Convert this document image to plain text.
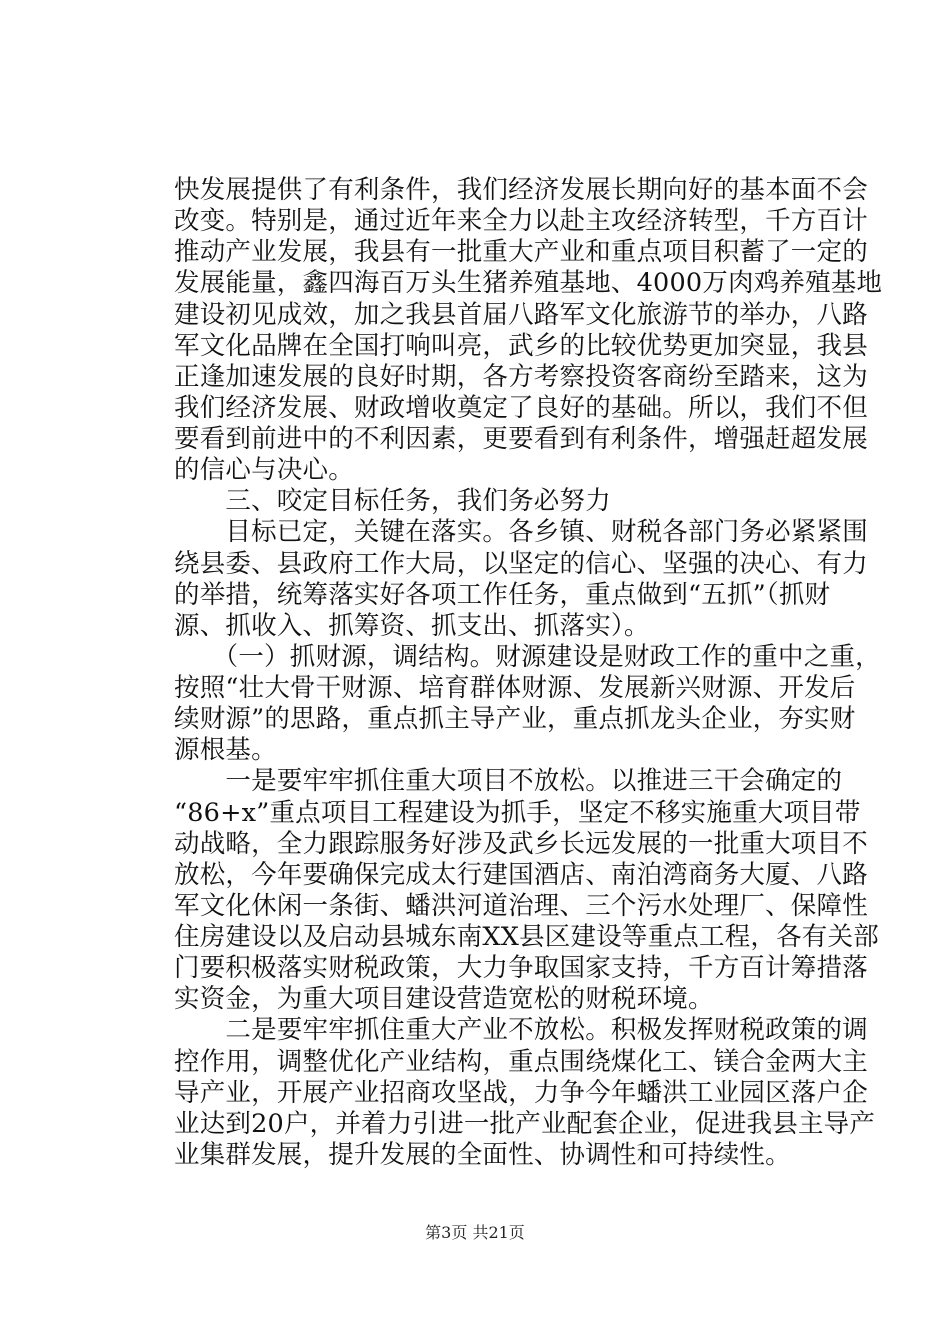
快发展提供了有利条件，我们经济发展长期向好的基本面不会
改变。特别是，通过近年来全力以赴主攻经济转型，千方百计
推动产业发展，我县有一批重大产业和重点项目积蓄了一定的
发展能量，鑫四海百万头生猪养殖基地、4000万肉鸡养殖基地
建设初见成效，加之我县首届八路军文化旅游节的举办，八路
军文化品牌在全国打响叫亮，武乡的比较优势更加突显，我县
正逢加速发展的良好时期，各方考察投资客商纷至踏来，这为
我们经济发展、财政增收奠定了良好的基础。所以，我们不但
要看到前进中的不利因素，更要看到有利条件，增强赶超发展
的信心与决心。
　　三、咬定目标任务，我们务必努力
　　目标已定，关键在落实。各乡镇、财税各部门务必紧紧围
绕县委、县政府工作大局，以坚定的信心、坚强的决心、有力
的举措，统筹落实好各项工作任务，重点做到“五抓”（抓财
源、抓收入、抓筹资、抓支出、抓落实）。
　　（一）抓财源，调结构。财源建设是财政工作的重中之重，
按照“壮大骨干财源、培育群体财源、发展新兴财源、开发后
续财源”的思路，重点抓主导产业，重点抓龙头企业，夯实财
源根基。
　　一是要牢牢抓住重大项目不放松。以推进三干会确定的
“86+x”重点项目工程建设为抓手，坚定不移实施重大项目带
动战略，全力跟踪服务好涉及武乡长远发展的一批重大项目不
放松，今年要确保完成太行建国酒店、南泊湾商务大厦、八路
军文化休闲一条街、蟠洪河道治理、三个污水处理厂、保障性
住房建设以及启动县城东南XX县区建设等重点工程，各有关部
门要积极落实财税政策，大力争取国家支持，千方百计筹措落
实资金，为重大项目建设营造宽松的财税环境。
　　二是要牢牢抓住重大产业不放松。积极发挥财税政策的调
控作用，调整优化产业结构，重点围绕煤化工、镁合金两大主
导产业，开展产业招商攻坚战，力争今年蟠洪工业园区落户企
业达到20户，并着力引进一批产业配套企业，促进我县主导产
业集群发展，提升发展的全面性、协调性和可持续性。
第3页 共21页
